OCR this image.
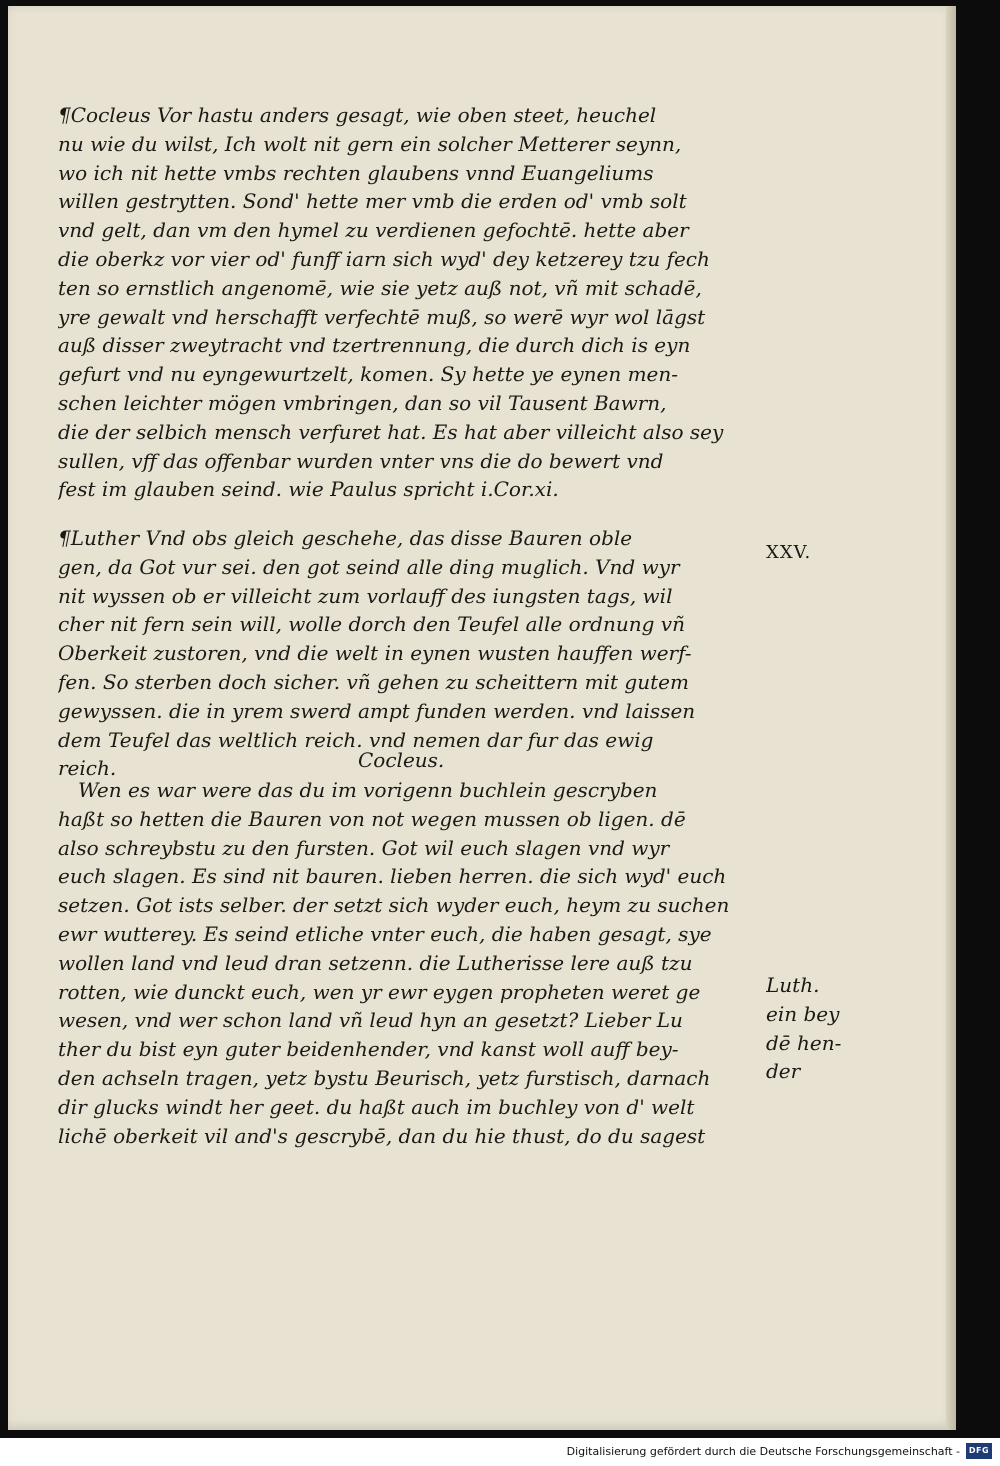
¶Cocleus Vor hastu anders gesagt, wie oben steet, heuchel
nu wie du wilst, Ich wolt nit gern ein solcher Metterer seynn,
wo ich nit hette vmbs rechten glaubens vnnd Euangeliums
willen gestrytten. Sond' hette mer vmb die erden od' vmb solt
vnd gelt, dan vm den hymel zu verdienen gefochtē. hette aber
die oberkz vor vier od' funff iarn sich wyd' dey ketzerey tzu fech
ten so ernstlich angenomē, wie sie yetz auß not, vñ mit schadē,
yre gewalt vnd herschafft verfechtē muß, so werē wyr wol lāgst
auß disser zweytracht vnd tzertrennung, die durch dich is eyn
gefurt vnd nu eyngewurtzelt, komen. Sy hette ye eynen men-
schen leichter mögen vmbringen, dan so vil Tausent Bawrn,
die der selbich mensch verfuret hat. Es hat aber villeicht also sey
sullen, vff das offenbar wurden vnter vns die do bewert vnd
fest im glauben seind. wie Paulus spricht i.Cor.xi.
¶Luther Vnd obs gleich geschehe, das disse Bauren oble
gen, da Got vur sei. den got seind alle ding muglich. Vnd wyr
nit wyssen ob er villeicht zum vorlauff des iungsten tags, wil
cher nit fern sein will, wolle dorch den Teufel alle ordnung vñ
Oberkeit zustoren, vnd die welt in eynen wusten hauffen werf-
fen. So sterben doch sicher. vñ gehen zu scheittern mit gutem
gewyssen. die in yrem swerd ampt funden werden. vnd laissen
dem Teufel das weltlich reich. vnd nemen dar fur das ewig
reich.	Cocleus.
Wen es war were das du im vorigenn buchlein gescryben
haßt so hetten die Bauren von not wegen mussen ob ligen. dē
also schreybstu zu den fursten. Got wil euch slagen vnd wyr
euch slagen. Es sind nit bauren. lieben herren. die sich wyd' euch
setzen. Got ists selber. der setzt sich wyder euch, heym zu suchen
ewr wutterey. Es seind etliche vnter euch, die haben gesagt, sye
wollen land vnd leud dran setzenn. die Lutherisse lere auß tzu
rotten, wie dunckt euch, wen yr ewr eygen propheten weret ge
wesen, vnd wer schon land vñ leud hyn an gesetzt? Lieber Lu
ther du bist eyn guter beidenhender, vnd kanst woll auff bey-
den achseln tragen, yetz bystu Beurisch, yetz furstisch, darnach
dir glucks windt her geet. du haßt auch im buchley von d' welt
lichē oberkeit vil and's gescrybē, dan du hie thust, do du sagest
XXV.
Luth.
ein bey
dē hen-
der
Digitalisierung gefördert durch die Deutsche Forschungsgemeinschaft -	DFG
